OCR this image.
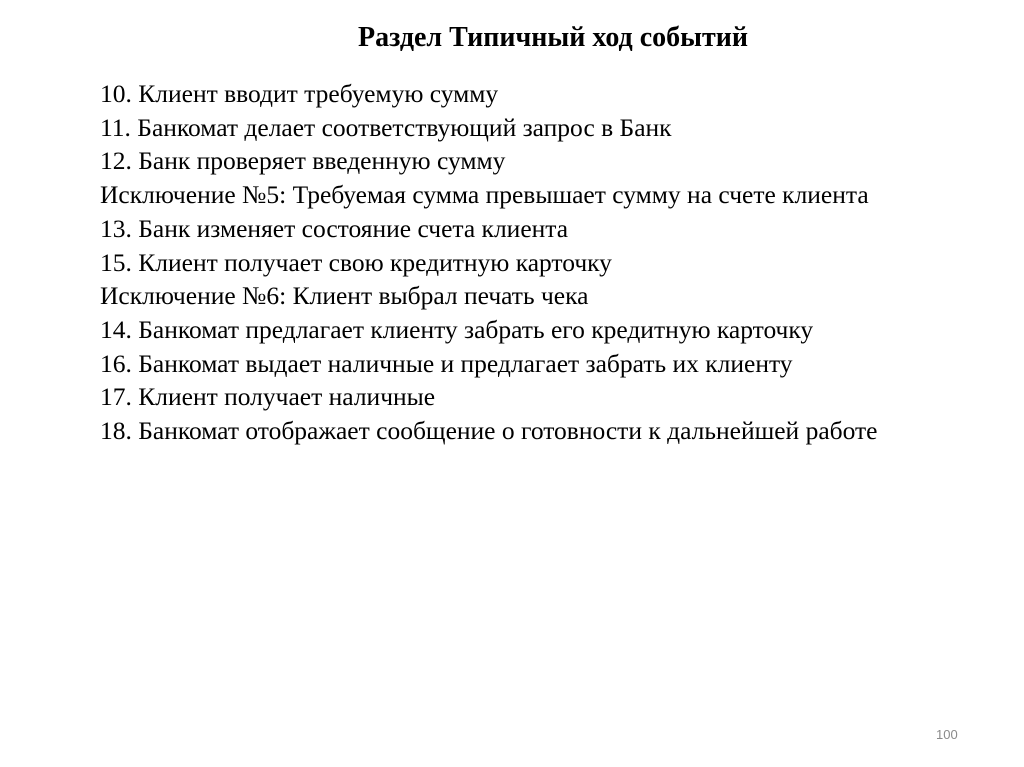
Раздел Типичный ход событий

10. Клиент вводит требуемую сумму

11. Банкомат делает соответствующий запрос в Банк

12. Банк проверяет введенную сумму

Исключение №5: Требуемая сумма превышает сумму на счете клиента

13. Банк изменяет состояние счета клиента

15. Клиент получает свою кредитную карточку

Исключение №6: Клиент выбрал печать чека

14. Банкомат предлагает клиенту забрать его кредитную карточку

16. Банкомат выдает наличные и предлагает забрать их клиенту

17. Клиент получает наличные

18. Банкомат отображает сообщение о готовности к дальнейшей работе

100
